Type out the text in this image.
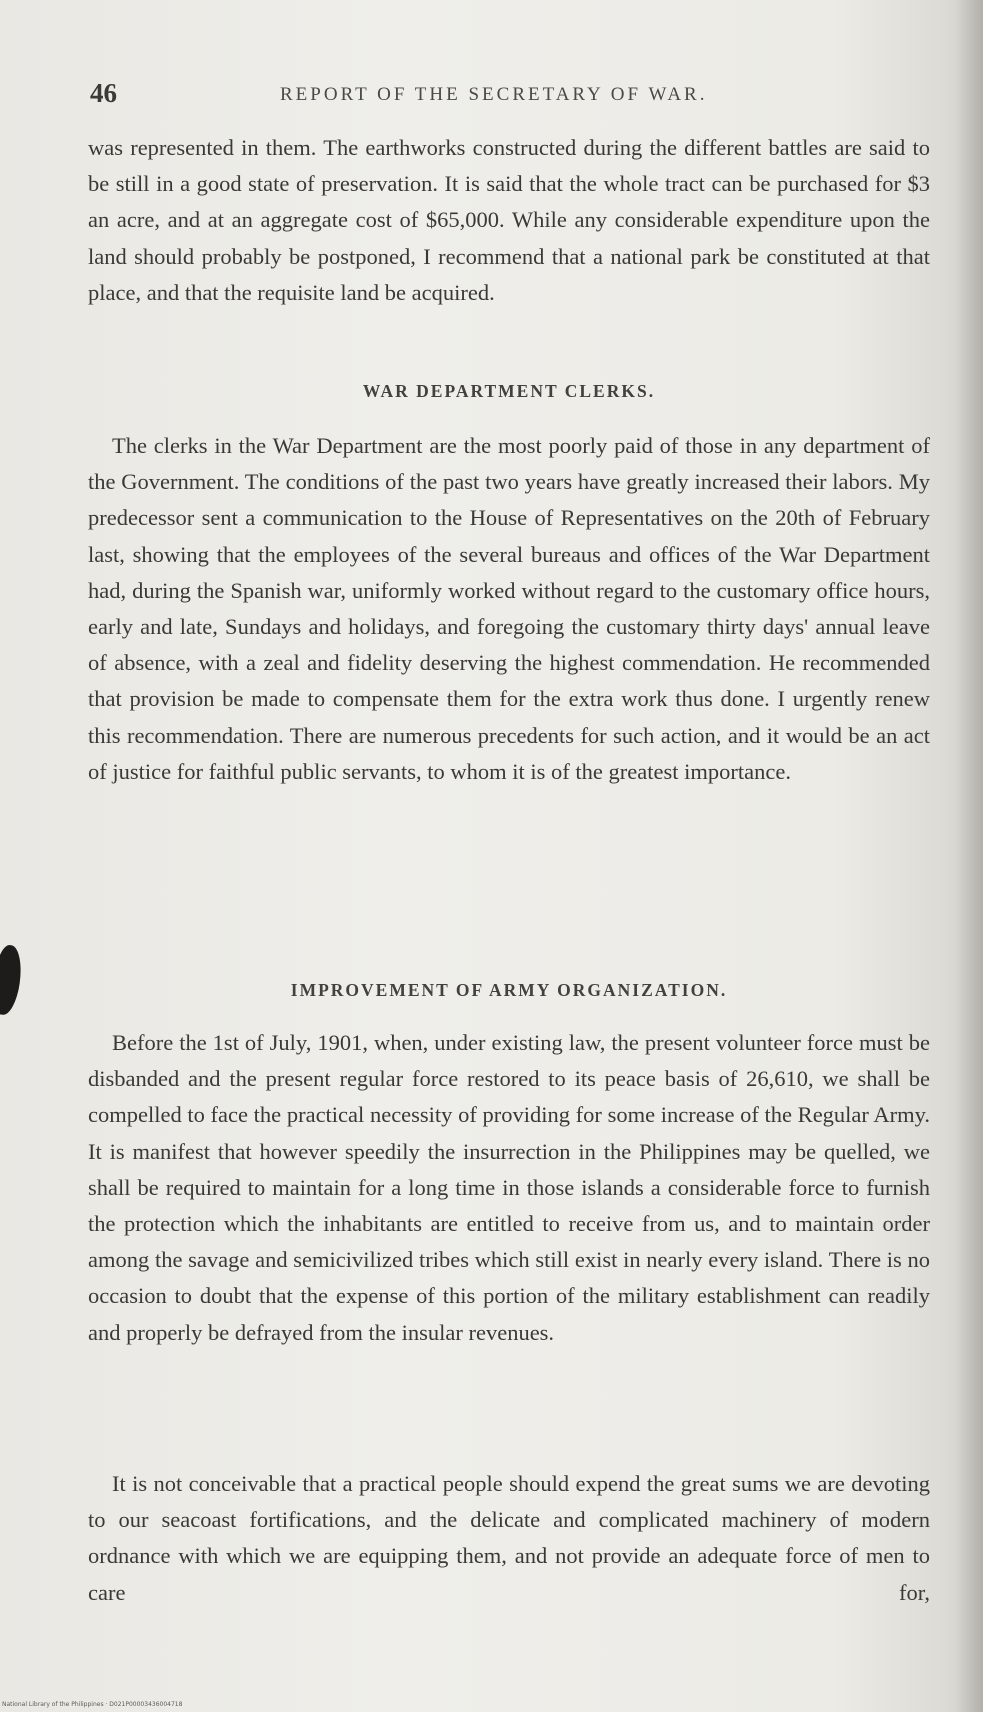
46	REPORT OF THE SECRETARY OF WAR.

was represented in them. The earthworks constructed during the different battles are said to be still in a good state of preservation. It is said that the whole tract can be purchased for $3 an acre, and at an aggregate cost of $65,000. While any considerable expenditure upon the land should probably be postponed, I recommend that a national park be constituted at that place, and that the requisite land be acquired.

WAR DEPARTMENT CLERKS.

The clerks in the War Department are the most poorly paid of those in any department of the Government. The conditions of the past two years have greatly increased their labors. My predecessor sent a communication to the House of Representatives on the 20th of February last, showing that the employees of the several bureaus and offices of the War Department had, during the Spanish war, uniformly worked without regard to the customary office hours, early and late, Sundays and holidays, and foregoing the customary thirty days' annual leave of absence, with a zeal and fidelity deserving the highest commendation. He recommended that provision be made to compensate them for the extra work thus done. I urgently renew this recommendation. There are numerous precedents for such action, and it would be an act of justice for faithful public servants, to whom it is of the greatest importance.

IMPROVEMENT OF ARMY ORGANIZATION.

Before the 1st of July, 1901, when, under existing law, the present volunteer force must be disbanded and the present regular force restored to its peace basis of 26,610, we shall be compelled to face the practical necessity of providing for some increase of the Regular Army. It is manifest that however speedily the insurrection in the Philippines may be quelled, we shall be required to maintain for a long time in those islands a considerable force to furnish the protection which the inhabitants are entitled to receive from us, and to maintain order among the savage and semicivilized tribes which still exist in nearly every island. There is no occasion to doubt that the expense of this portion of the military establishment can readily and properly be defrayed from the insular revenues.

It is not conceivable that a practical people should expend the great sums we are devoting to our seacoast fortifications, and the delicate and complicated machinery of modern ordnance with which we are equipping them, and not provide an adequate force of men to care for,

National Library of the Philippines · D021P00003436004718
